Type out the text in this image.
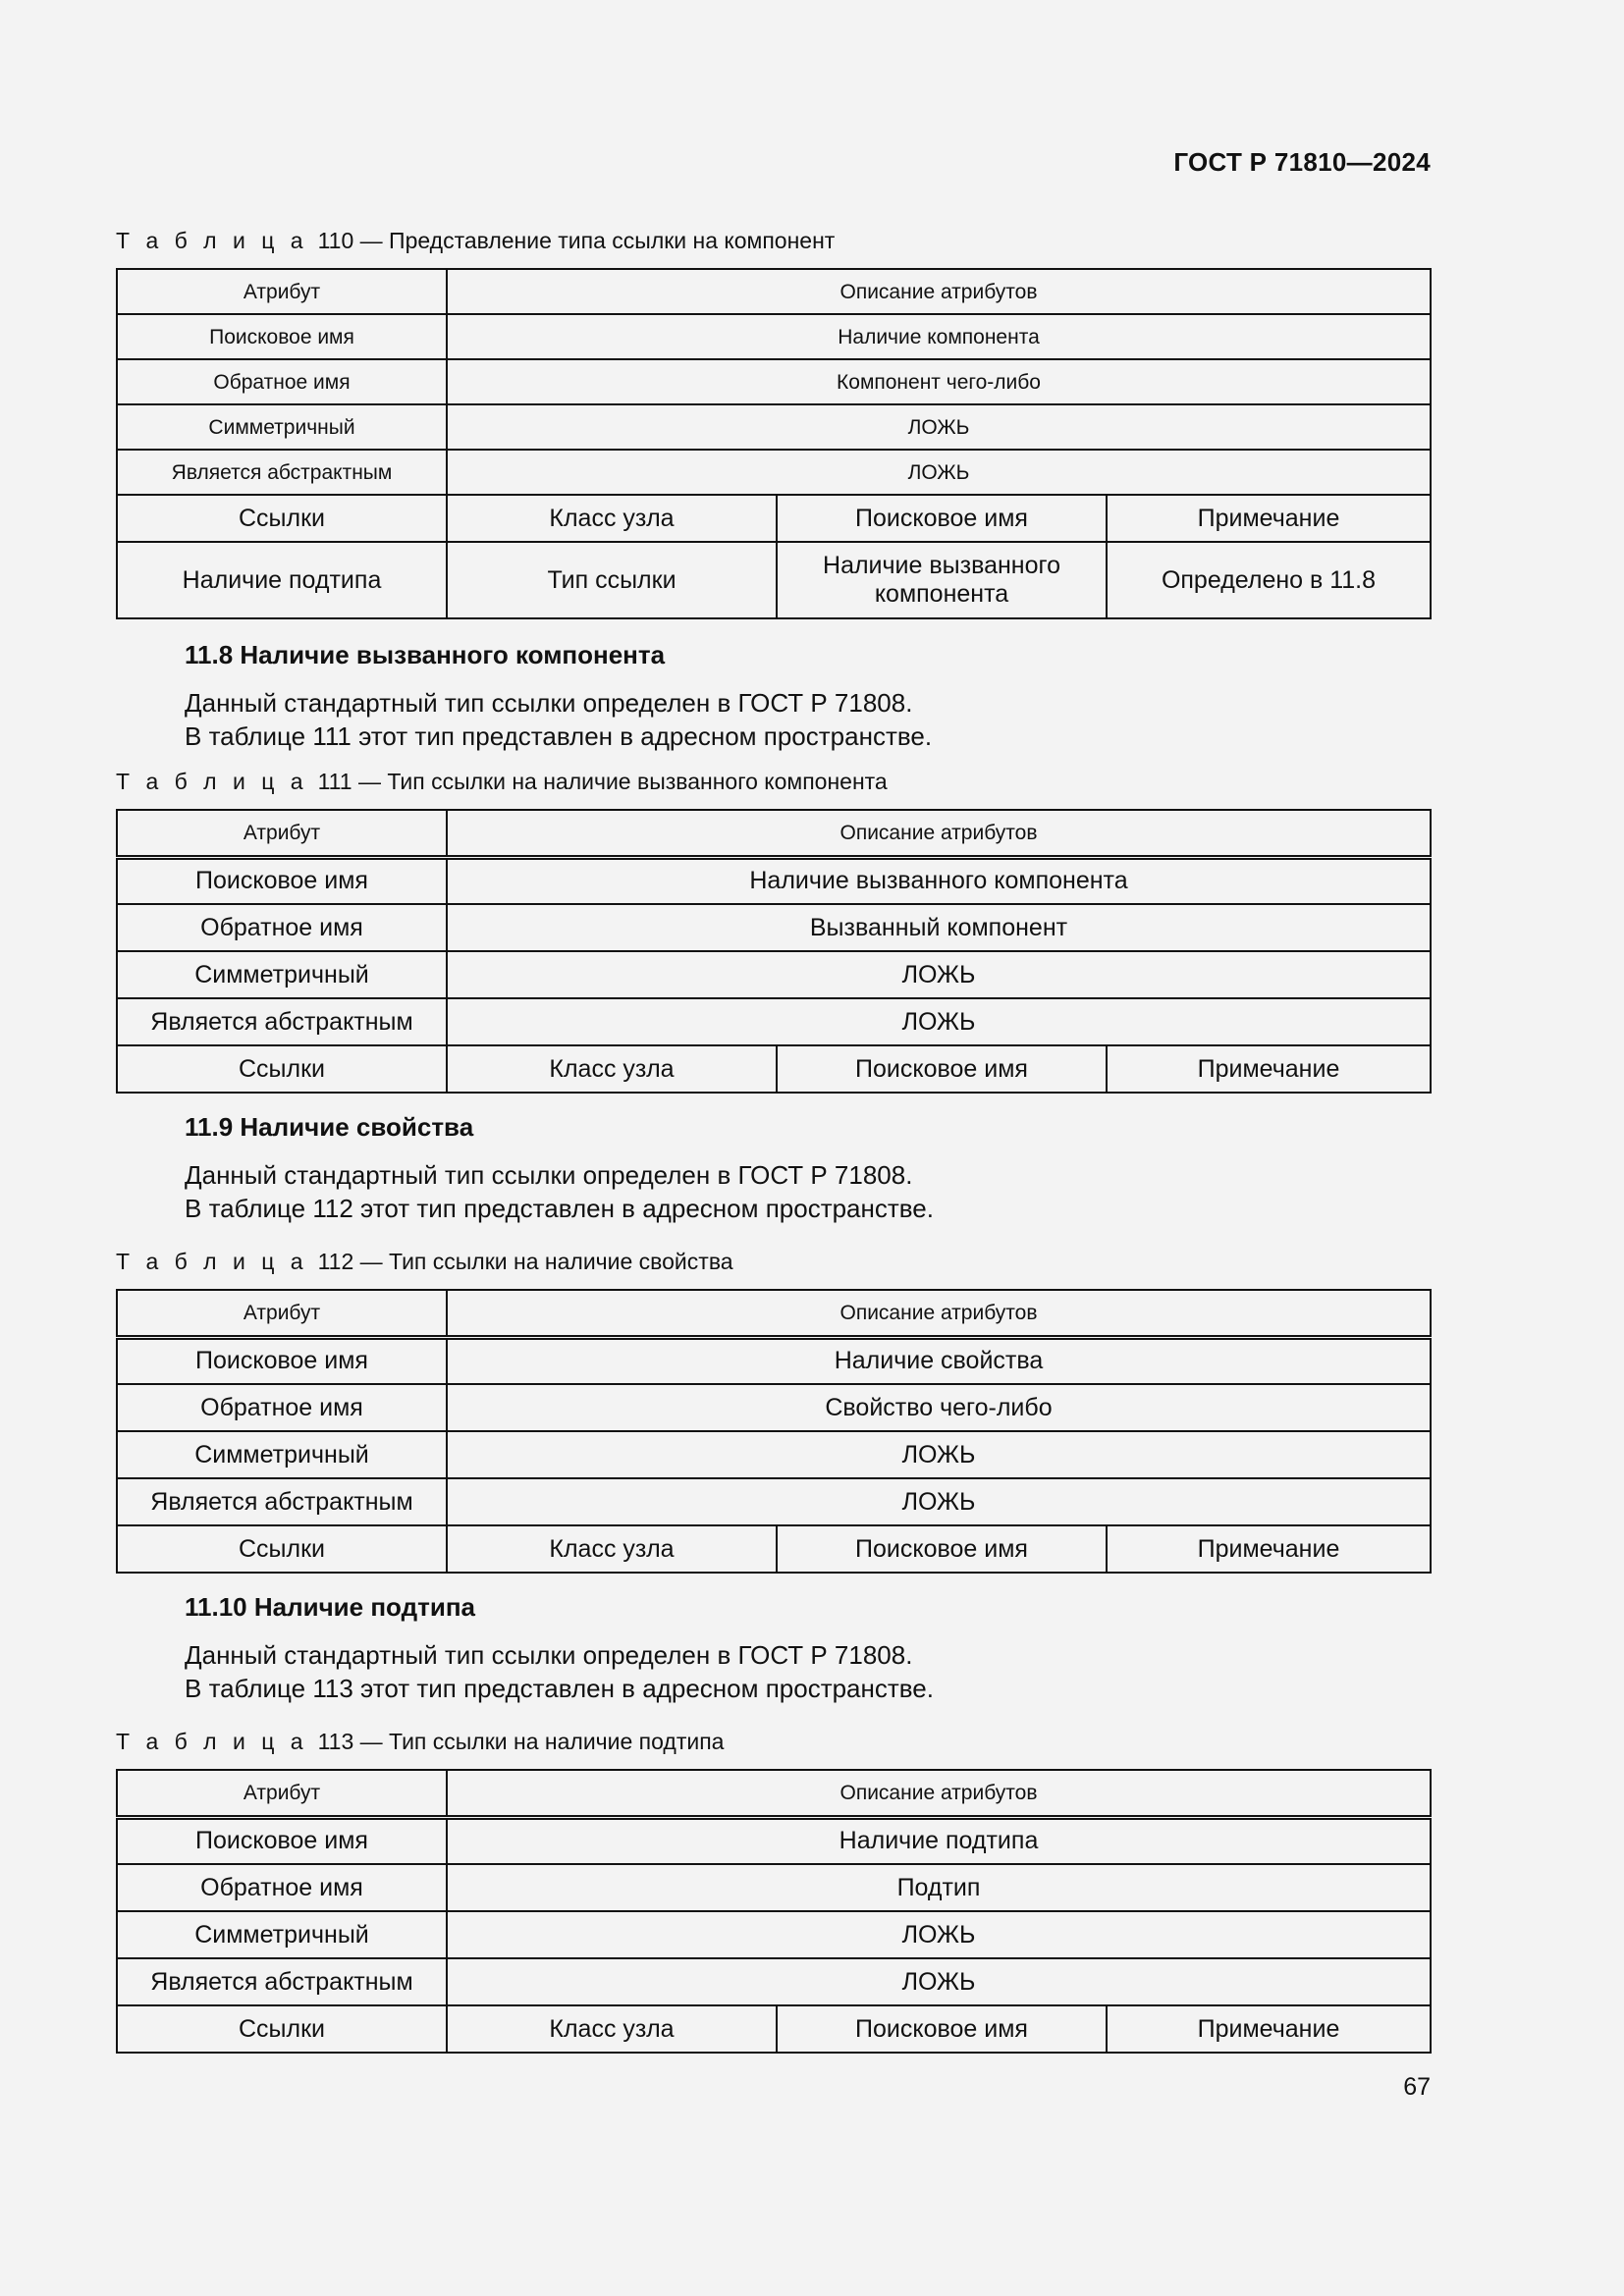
ГОСТ Р 71810—2024
Т а б л и ц а 110 — Представление типа ссылки на компонент
Атрибут	Описание атрибутов		
Поисковое имя	Наличие компонента		
Обратное имя	Компонент чего-либо		
Симметричный	ЛОЖЬ		
Является абстрактным	ЛОЖЬ		
Ссылки	Класс узла	Поисковое имя	Примечание
Наличие подтипа	Тип ссылки	Наличие вызванного компонента	Определено в 11.8
11.8 Наличие вызванного компонента
Данный стандартный тип ссылки определен в ГОСТ Р 71808.
В таблице 111 этот тип представлен в адресном пространстве.
Т а б л и ц а 111 — Тип ссылки на наличие вызванного компонента
Атрибут	Описание атрибутов		
Поисковое имя	Наличие вызванного компонента		
Обратное имя	Вызванный компонент		
Симметричный	ЛОЖЬ		
Является абстрактным	ЛОЖЬ		
Ссылки	Класс узла	Поисковое имя	Примечание
11.9 Наличие свойства
Данный стандартный тип ссылки определен в ГОСТ Р 71808.
В таблице 112 этот тип представлен в адресном пространстве.
Т а б л и ц а 112 — Тип ссылки на наличие свойства
Атрибут	Описание атрибутов		
Поисковое имя	Наличие свойства		
Обратное имя	Свойство чего-либо		
Симметричный	ЛОЖЬ		
Является абстрактным	ЛОЖЬ		
Ссылки	Класс узла	Поисковое имя	Примечание
11.10 Наличие подтипа
Данный стандартный тип ссылки определен в ГОСТ Р 71808.
В таблице 113 этот тип представлен в адресном пространстве.
Т а б л и ц а 113 — Тип ссылки на наличие подтипа
Атрибут	Описание атрибутов		
Поисковое имя	Наличие подтипа		
Обратное имя	Подтип		
Симметричный	ЛОЖЬ		
Является абстрактным	ЛОЖЬ		
Ссылки	Класс узла	Поисковое имя	Примечание
67
